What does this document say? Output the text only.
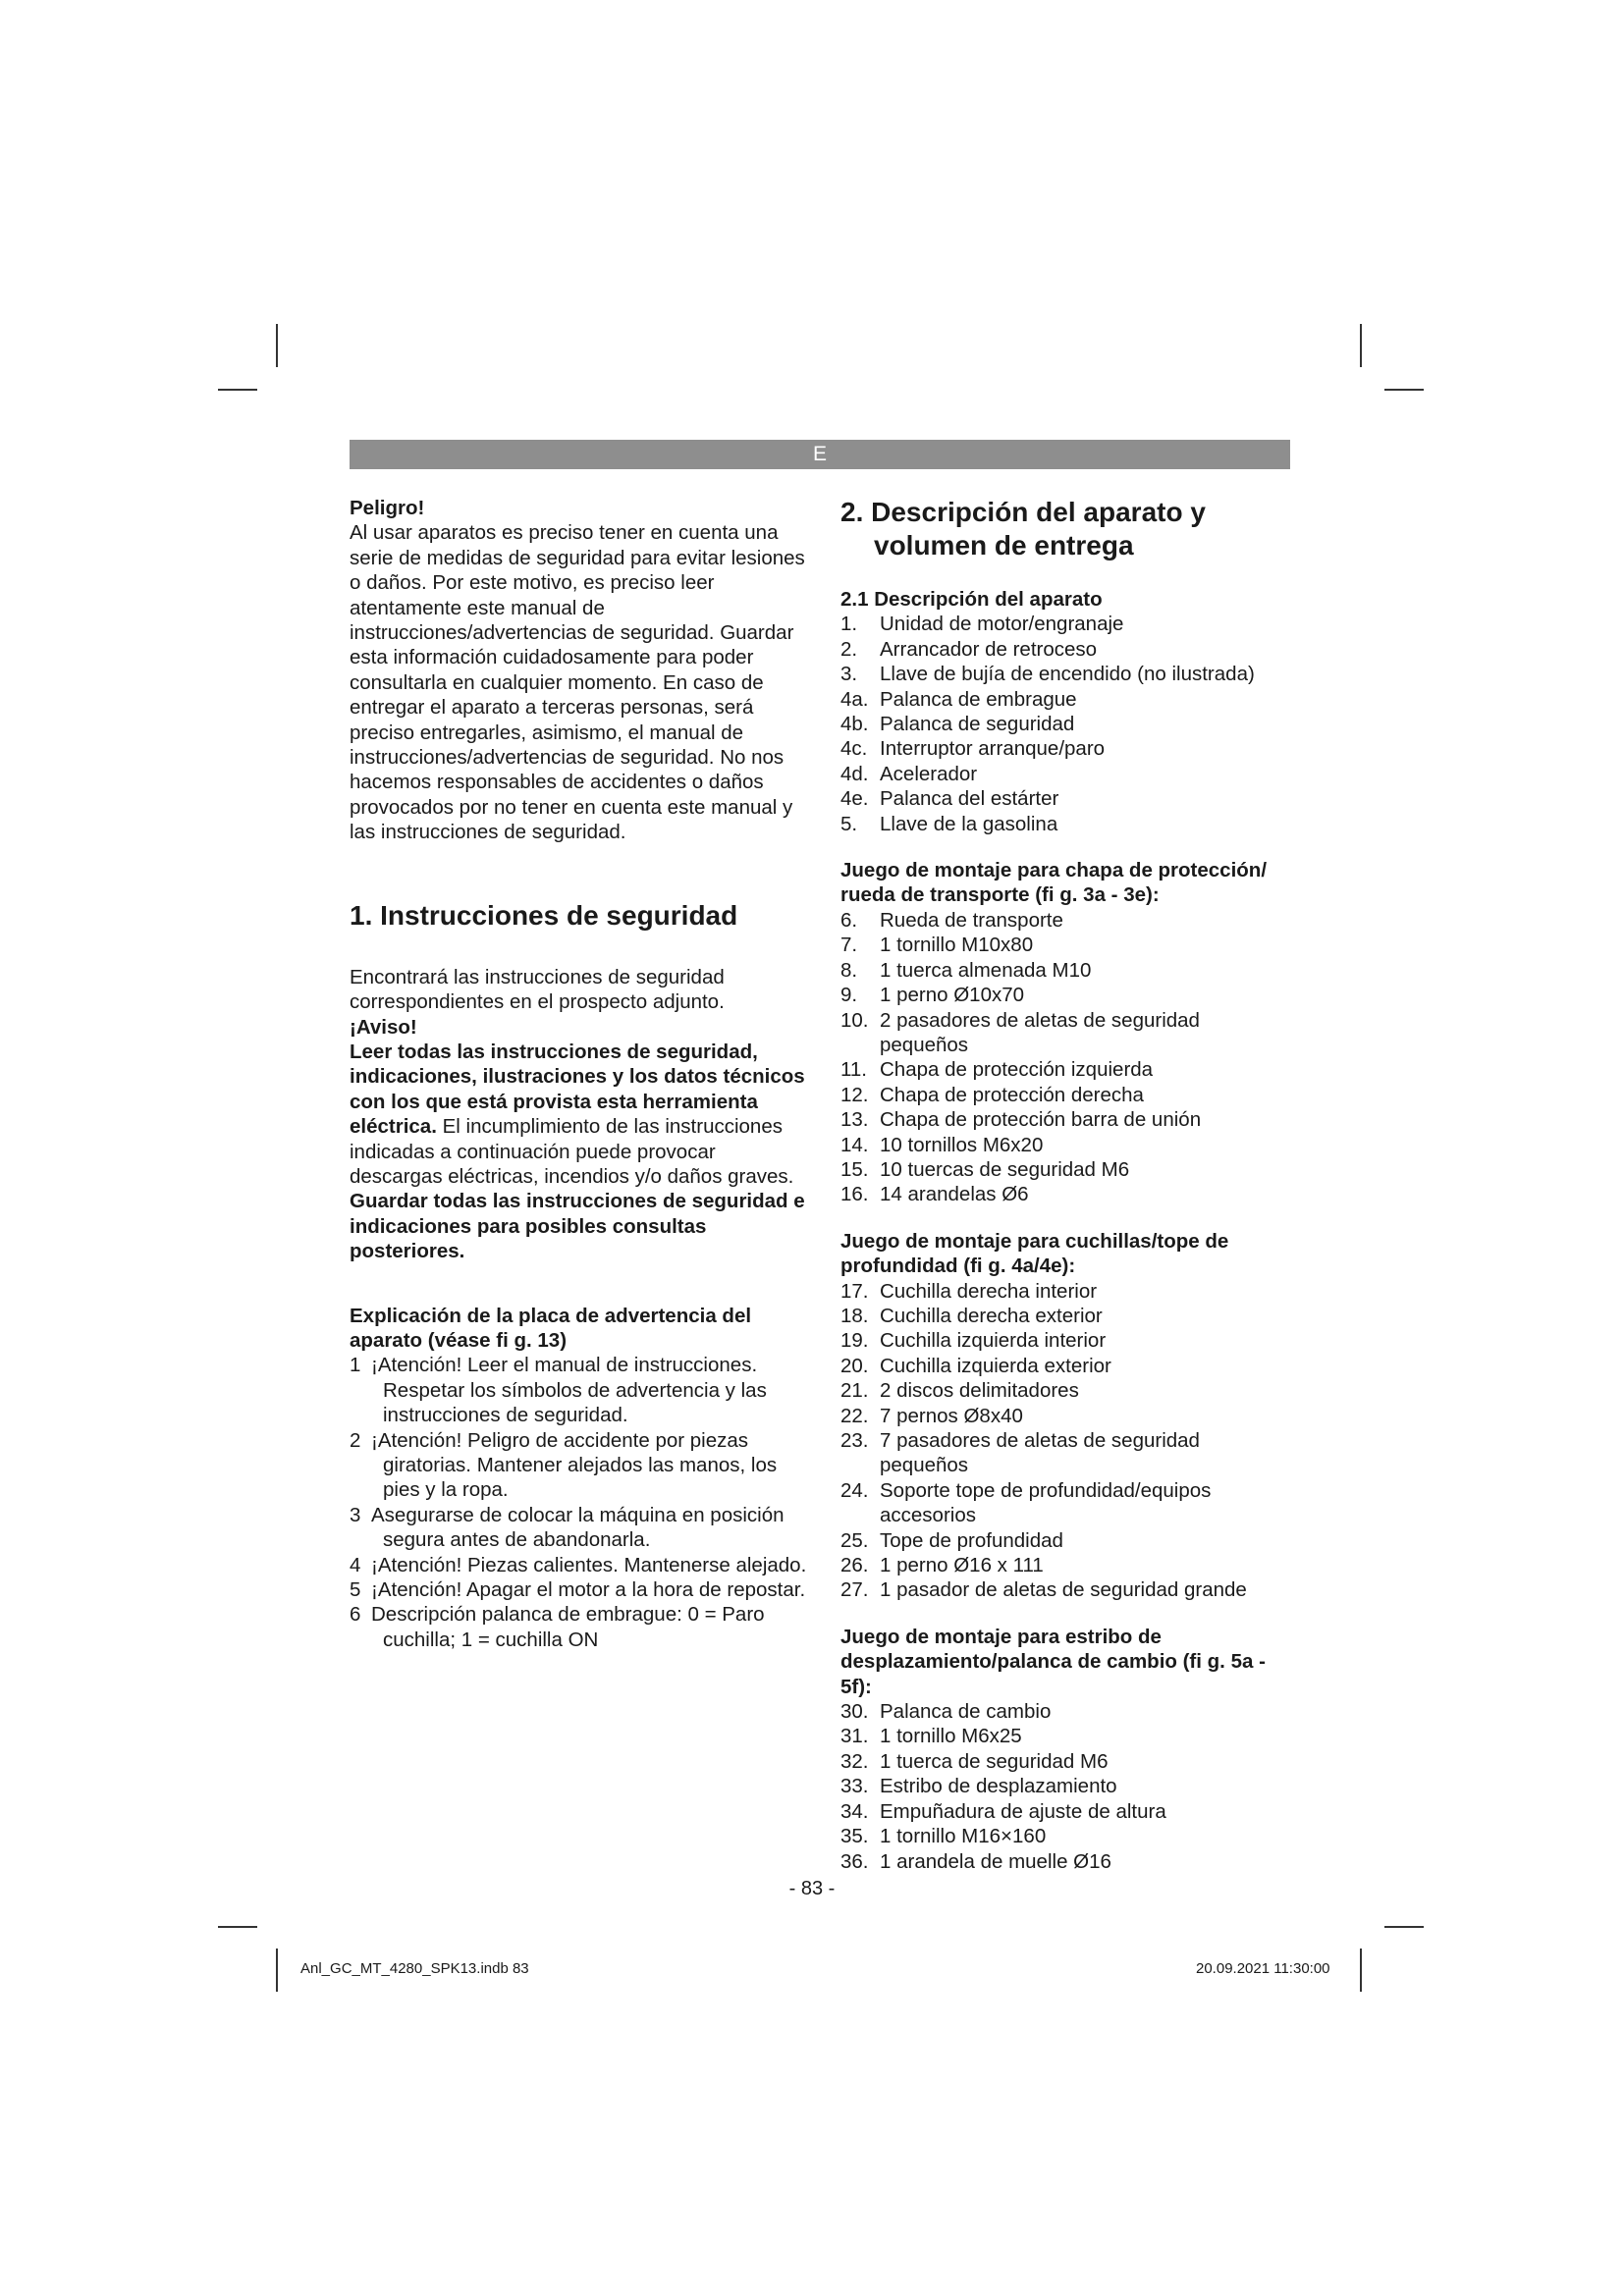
E
Peligro!

Al usar aparatos es preciso tener en cuenta una serie de medidas de seguridad para evitar lesiones o daños. Por este motivo, es preciso leer atentamente este manual de instrucciones/advertencias de seguridad. Guardar esta información cuidadosamente para poder consultarla en cualquier momento. En caso de entregar el aparato a terceras personas, será preciso entregarles, asimismo, el manual de instrucciones/advertencias de seguridad. No nos hacemos responsables de accidentes o daños provocados por no tener en cuenta este manual y las instrucciones de seguridad.

1. Instrucciones de seguridad

Encontrará las instrucciones de seguridad correspondientes en el prospecto adjunto.

¡Aviso!

Leer todas las instrucciones de seguridad, indicaciones, ilustraciones y los datos técnicos con los que está provista esta herramienta eléctrica. El incumplimiento de las instrucciones indicadas a continuación puede provocar descargas eléctricas, incendios y/o daños graves.

Guardar todas las instrucciones de seguridad e indicaciones para posibles consultas posteriores.

Explicación de la placa de advertencia del aparato (véase fi g. 13)
1 ¡Atención! Leer el manual de instrucciones. Respetar los símbolos de advertencia y las instrucciones de seguridad.
2 ¡Atención! Peligro de accidente por piezas giratorias. Mantener alejados las manos, los pies y la ropa.
3 Asegurarse de colocar la máquina en posición segura antes de abandonarla.
4 ¡Atención! Piezas calientes. Mantenerse alejado.
5 ¡Atención! Apagar el motor a la hora de repostar.
6 Descripción palanca de embrague: 0 = Paro cuchilla; 1 = cuchilla ON
2. Descripción del aparato y volumen de entrega
2.1 Descripción del aparato
1. Unidad de motor/engranaje
2. Arrancador de retroceso
3. Llave de bujía de encendido (no ilustrada)
4a. Palanca de embrague
4b. Palanca de seguridad
4c. Interruptor arranque/paro
4d. Acelerador
4e. Palanca del estárter
5. Llave de la gasolina
Juego de montaje para chapa de protección/ rueda de transporte (fi g. 3a - 3e):
6. Rueda de transporte
7. 1 tornillo M10x80
8. 1 tuerca almenada M10
9. 1 perno Ø10x70
10. 2 pasadores de aletas de seguridad pequeños
11. Chapa de protección izquierda
12. Chapa de protección derecha
13. Chapa de protección barra de unión
14. 10 tornillos M6x20
15. 10 tuercas de seguridad M6
16. 14 arandelas Ø6
Juego de montaje para cuchillas/tope de profundidad (fi g. 4a/4e):
17. Cuchilla derecha interior
18. Cuchilla derecha exterior
19. Cuchilla izquierda interior
20. Cuchilla izquierda exterior
21. 2 discos delimitadores
22. 7 pernos Ø8x40
23. 7 pasadores de aletas de seguridad pequeños
24. Soporte tope de profundidad/equipos accesorios
25. Tope de profundidad
26. 1 perno Ø16 x 111
27. 1 pasador de aletas de seguridad grande
Juego de montaje para estribo de desplazamiento/palanca de cambio (fi g. 5a - 5f):
30. Palanca de cambio
31. 1 tornillo M6x25
32. 1 tuerca de seguridad M6
33. Estribo de desplazamiento
34. Empuñadura de ajuste de altura
35. 1 tornillo M16×160
36. 1 arandela de muelle Ø16
- 83 -
Anl_GC_MT_4280_SPK13.indb 83	20.09.2021 11:30:00
